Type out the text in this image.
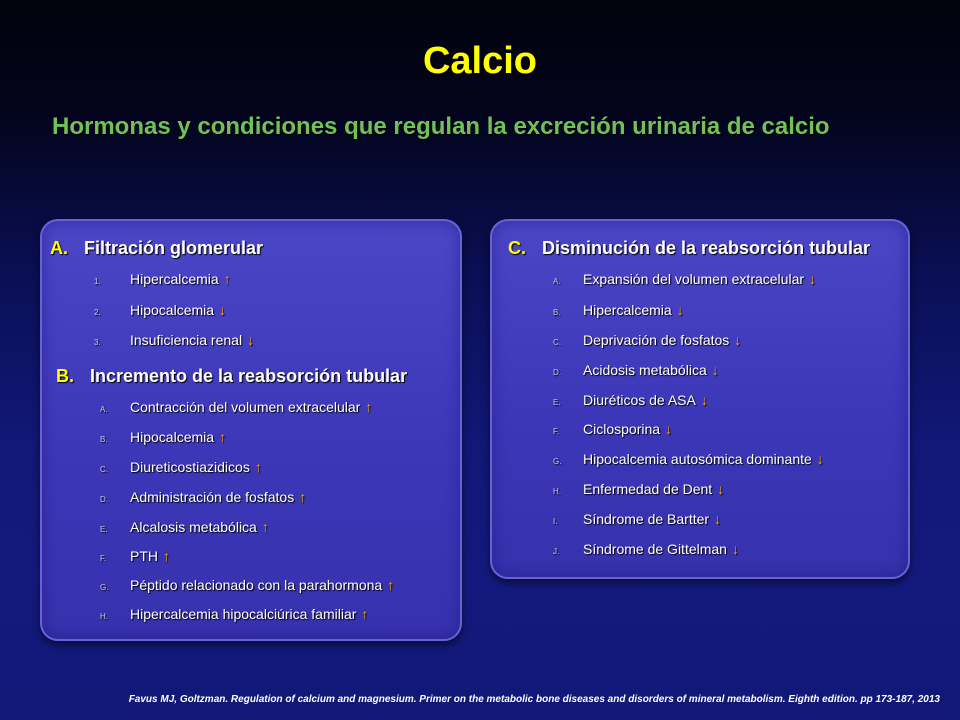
Calcio
Hormonas y condiciones que regulan la excreción urinaria de calcio
A. Filtración glomerular
1. Hipercalcemia ↑
2. Hipocalcemia ↓
3. Insuficiencia renal ↓
B. Incremento de la reabsorción tubular
A. Contracción del volumen extracelular ↑
B. Hipocalcemia ↑
C. Diureticostiazidicos ↑
D. Administración de fosfatos ↑
E. Alcalosis metabólica ↑
F. PTH ↑
G. Péptido relacionado con la parahormona ↑
H. Hipercalcemia hipocalciúrica familiar ↑
C. Disminución de la reabsorción tubular
A. Expansión del volumen extracelular ↓
B. Hipercalcemia ↓
C. Deprivación de fosfatos ↓
D. Acidosis metabólica ↓
E. Diuréticos de ASA ↓
F. Ciclosporina ↓
G. Hipocalcemia autosómica dominante ↓
H. Enfermedad de Dent ↓
I. Síndrome de Bartter ↓
J. Síndrome de Gittelman ↓
Favus MJ, Goltzman. Regulation of calcium and magnesium. Primer on the metabolic bone diseases and disorders of mineral metabolism. Eighth edition. pp 173-187, 2013
